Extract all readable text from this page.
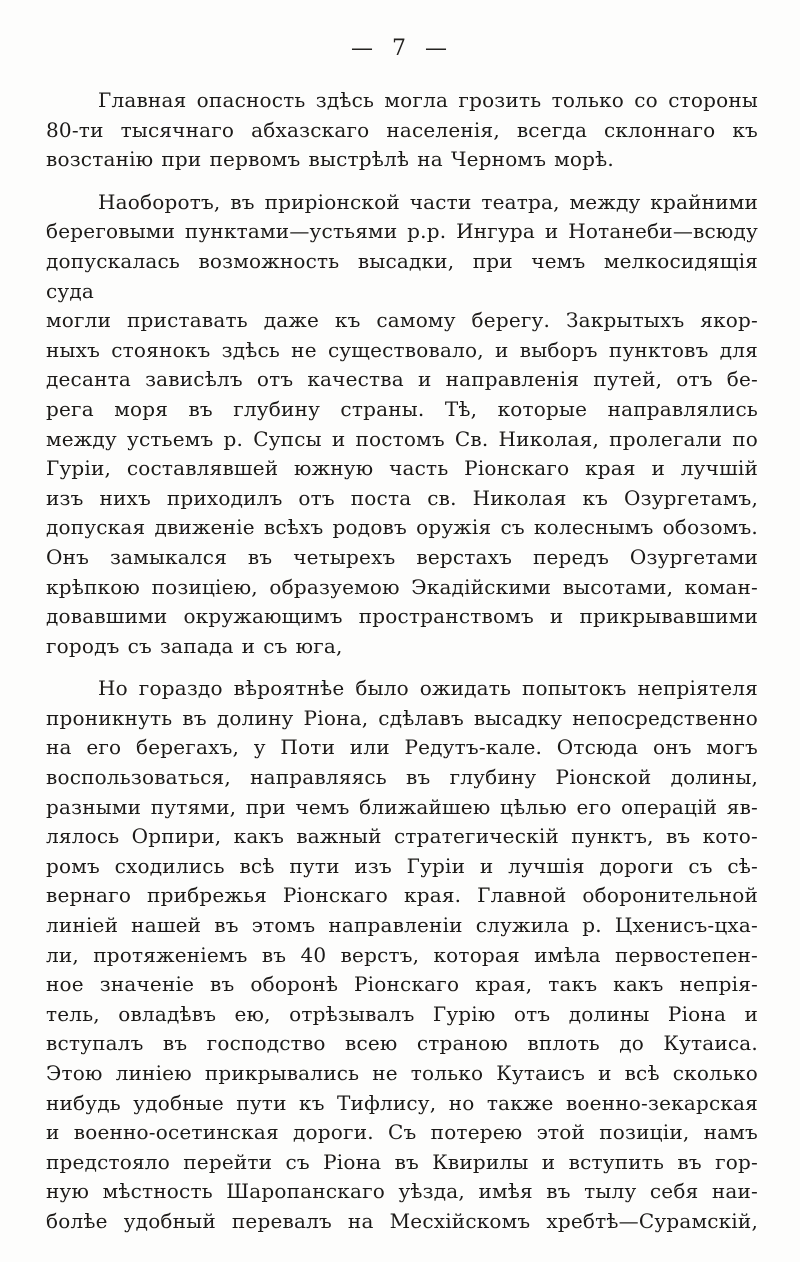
— 7 —
Главная опасность здѣсь могла грозить только со стороны
80-ти тысячнаго абхазскаго населенія, всегда склоннаго къ
возстанію при первомъ выстрѣлѣ на Черномъ морѣ.
Наоборотъ, въ приріонской части театра, между крайними
береговыми пунктами—устьями р.р. Ингура и Нотанеби—всюду
допускалась возможность высадки, при чемъ мелкосидящія суда
могли приставать даже къ самому берегу. Закрытыхъ якор-
ныхъ стоянокъ здѣсь не существовало, и выборъ пунктовъ для
десанта зависѣлъ отъ качества и направленія путей, отъ бе-
рега моря въ глубину страны. Тѣ, которые направлялись
между устьемъ р. Супсы и постомъ Св. Николая, пролегали по
Гуріи, составлявшей южную часть Ріонскаго края и лучшій
изъ нихъ приходилъ отъ поста св. Николая къ Озургетамъ,
допуская движеніе всѣхъ родовъ оружія съ колеснымъ обозомъ.
Онъ замыкался въ четырехъ верстахъ передъ Озургетами
крѣпкою позиціею, образуемою Экадійскими высотами, коман-
довавшими окружающимъ пространствомъ и прикрывавшими
городъ съ запада и съ юга,
Но гораздо вѣроятнѣе было ожидать попытокъ непріятеля
проникнуть въ долину Ріона, сдѣлавъ высадку непосредственно
на его берегахъ, у Поти или Редутъ-кале. Отсюда онъ могъ
воспользоваться, направляясь въ глубину Ріонской долины,
разными путями, при чемъ ближайшею цѣлью его операцій яв-
лялось Орпири, какъ важный стратегическій пунктъ, въ кото-
ромъ сходились всѣ пути изъ Гуріи и лучшія дороги съ сѣ-
вернаго прибрежья Ріонскаго края. Главной оборонительной
линіей нашей въ этомъ направленіи служила р. Цхенисъ-цха-
ли, протяженіемъ въ 40 верстъ, которая имѣла первостепен-
ное значеніе въ оборонѣ Ріонскаго края, такъ какъ непрія-
тель, овладѣвъ ею, отрѣзывалъ Гурію отъ долины Ріона и
вступалъ въ господство всею страною вплоть до Кутаиса.
Этою линіею прикрывались не только Кутаисъ и всѣ сколько
нибудь удобные пути къ Тифлису, но также военно-зекарская
и военно-осетинская дороги. Съ потерею этой позиціи, намъ
предстояло перейти съ Ріона въ Квирилы и вступить въ гор-
ную мѣстность Шаропанскаго уѣзда, имѣя въ тылу себя наи-
болѣе удобный перевалъ на Месхійскомъ хребтѣ—Сурамскій,
